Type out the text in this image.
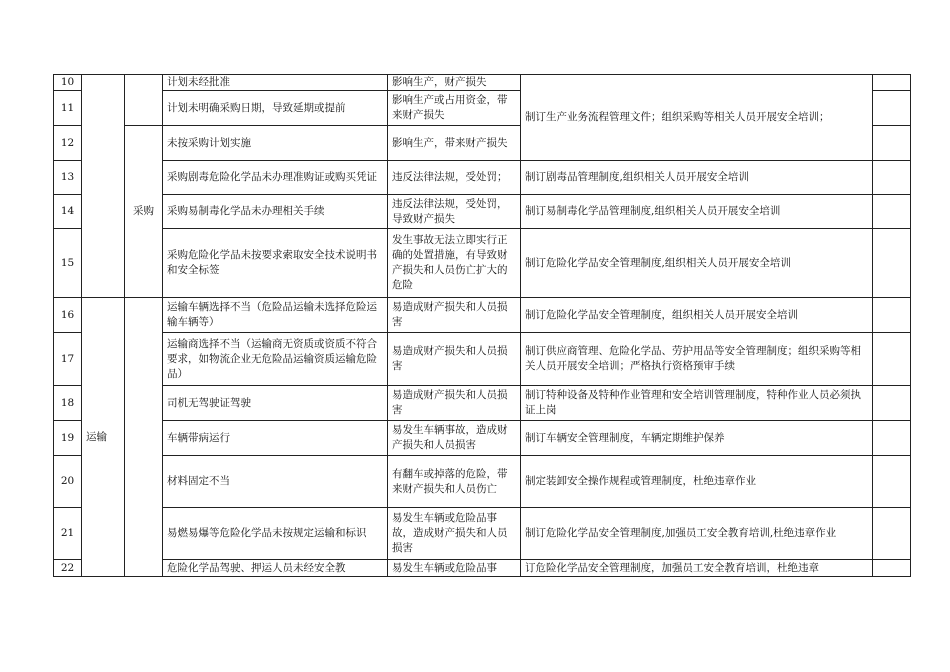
10			计划未经批准	影响生产，财产损失	制订生产业务流程管理文件；组织采购等相关人员开展安全培训；	
11			计划未明确采购日期，导致延期或提前	影响生产或占用资金，带来财产损失		
12		采购	未按采购计划实施	影响生产，带来财产损失		
13			采购剧毒危险化学品未办理准购证或购买凭证	违反法律法规，受处罚；	制订剧毒品管理制度,组织相关人员开展安全培训	
14			采购易制毒化学品未办理相关手续	违反法律法规，受处罚，导致财产损失	制订易制毒化学品管理制度,组织相关人员开展安全培训	
15			采购危险化学品未按要求索取安全技术说明书和安全标签	发生事故无法立即实行正确的处置措施，有导致财产损失和人员伤亡扩大的危险	制订危险化学品安全管理制度,组织相关人员开展安全培训	
16	运输		运输车辆选择不当（危险品运输未选择危险运输车辆等）	易造成财产损失和人员损害	制订危险化学品安全管理制度，组织相关人员开展安全培训	
17			运输商选择不当（运输商无资质或资质不符合要求，如物流企业无危险品运输资质运输危险品）	易造成财产损失和人员损害	制订供应商管理、危险化学品、劳护用品等安全管理制度；组织采购等相关人员开展安全培训；严格执行资格预审手续	
18			司机无驾驶证驾驶	易造成财产损失和人员损害	制订特种设备及特种作业管理和安全培训管理制度，特种作业人员必须执证上岗	
19			车辆带病运行	易发生车辆事故，造成财产损失和人员损害	制订车辆安全管理制度，车辆定期维护保养	
20			材料固定不当	有翻车或掉落的危险，带来财产损失和人员伤亡	制定装卸安全操作规程或管理制度，杜绝违章作业	
21			易燃易爆等危险化学品未按规定运输和标识	易发生车辆或危险品事故，造成财产损失和人员损害	制订危险化学品安全管理制度,加强员工安全教育培训,杜绝违章作业	
22			危险化学品驾驶、押运人员未经安全教	易发生车辆或危险品事	订危险化学品安全管理制度，加强员工安全教育培训，杜绝违章	
